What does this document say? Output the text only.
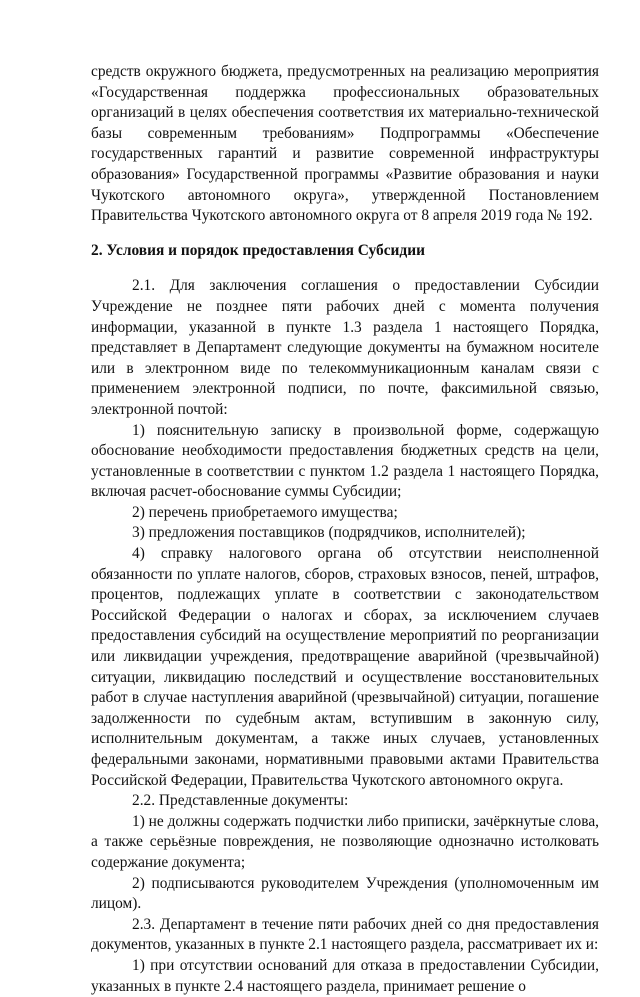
средств окружного бюджета, предусмотренных на реализацию мероприятия «Государственная поддержка профессиональных образовательных организаций в целях обеспечения соответствия их материально-технической базы современным требованиям» Подпрограммы «Обеспечение государственных гарантий и развитие современной инфраструктуры образования» Государственной программы «Развитие образования и науки Чукотского автономного округа», утвержденной Постановлением Правительства Чукотского автономного округа от 8 апреля 2019 года № 192.

2. Условия и порядок предоставления Субсидии

2.1. Для заключения соглашения о предоставлении Субсидии Учреждение не позднее пяти рабочих дней с момента получения информации, указанной в пункте 1.3 раздела 1 настоящего Порядка, представляет в Департамент следующие документы на бумажном носителе или в электронном виде по телекоммуникационным каналам связи с применением электронной подписи, по почте, факсимильной связью, электронной почтой:

1) пояснительную записку в произвольной форме, содержащую обоснование необходимости предоставления бюджетных средств на цели, установленные в соответствии с пунктом 1.2 раздела 1 настоящего Порядка, включая расчет-обоснование суммы Субсидии;

2) перечень приобретаемого имущества;

3) предложения поставщиков (подрядчиков, исполнителей);

4) справку налогового органа об отсутствии неисполненной обязанности по уплате налогов, сборов, страховых взносов, пеней, штрафов, процентов, подлежащих уплате в соответствии с законодательством Российской Федерации о налогах и сборах, за исключением случаев предоставления субсидий на осуществление мероприятий по реорганизации или ликвидации учреждения, предотвращение аварийной (чрезвычайной) ситуации, ликвидацию последствий и осуществление восстановительных работ в случае наступления аварийной (чрезвычайной) ситуации, погашение задолженности по судебным актам, вступившим в законную силу, исполнительным документам, а также иных случаев, установленных федеральными законами, нормативными правовыми актами Правительства Российской Федерации, Правительства Чукотского автономного округа.

2.2. Представленные документы:

1) не должны содержать подчистки либо приписки, зачёркнутые слова, а также серьёзные повреждения, не позволяющие однозначно истолковать содержание документа;

2) подписываются руководителем Учреждения (уполномоченным им лицом).

2.3. Департамент в течение пяти рабочих дней со дня предоставления документов, указанных в пункте 2.1 настоящего раздела, рассматривает их и:

1) при отсутствии оснований для отказа в предоставлении Субсидии, указанных в пункте 2.4 настоящего раздела, принимает решение о
